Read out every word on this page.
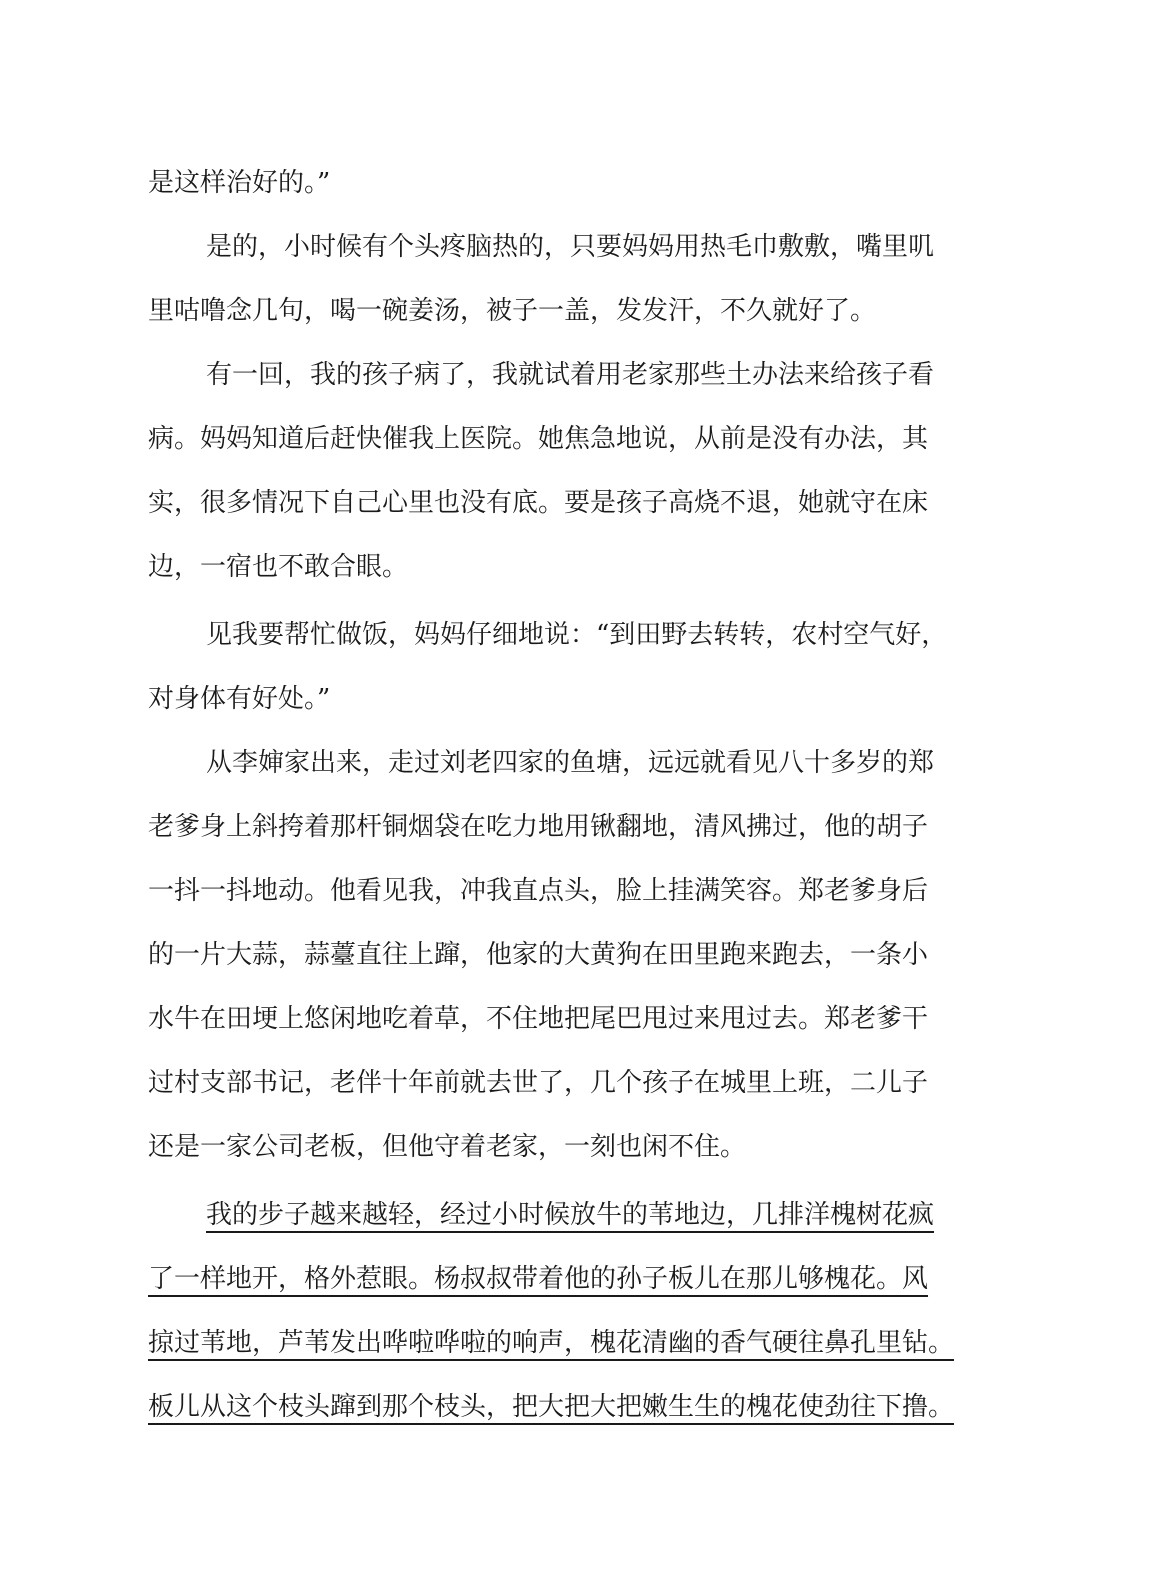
是这样治好的。”
是的，小时候有个头疼脑热的，只要妈妈用热毛巾敷敷，嘴里叽
里咕噜念几句，喝一碗姜汤，被子一盖，发发汗，不久就好了。
有一回，我的孩子病了，我就试着用老家那些土办法来给孩子看
病。妈妈知道后赶快催我上医院。她焦急地说，从前是没有办法，其
实，很多情况下自己心里也没有底。要是孩子高烧不退，她就守在床
边，一宿也不敢合眼。
见我要帮忙做饭，妈妈仔细地说：“到田野去转转，农村空气好，
对身体有好处。”
从李婶家出来，走过刘老四家的鱼塘，远远就看见八十多岁的郑
老爹身上斜挎着那杆铜烟袋在吃力地用锹翻地，清风拂过，他的胡子
一抖一抖地动。他看见我，冲我直点头，脸上挂满笑容。郑老爹身后
的一片大蒜，蒜薹直往上蹿，他家的大黄狗在田里跑来跑去，一条小
水牛在田埂上悠闲地吃着草，不住地把尾巴甩过来甩过去。郑老爹干
过村支部书记，老伴十年前就去世了，几个孩子在城里上班，二儿子
还是一家公司老板，但他守着老家，一刻也闲不住。
我的步子越来越轻，经过小时候放牛的苇地边，几排洋槐树花疯
了一样地开，格外惹眼。杨叔叔带着他的孙子板儿在那儿够槐花。风
掠过苇地，芦苇发出哗啦哗啦的响声，槐花清幽的香气硬往鼻孔里钻。
板儿从这个枝头蹿到那个枝头，把大把大把嫩生生的槐花使劲往下撸。
